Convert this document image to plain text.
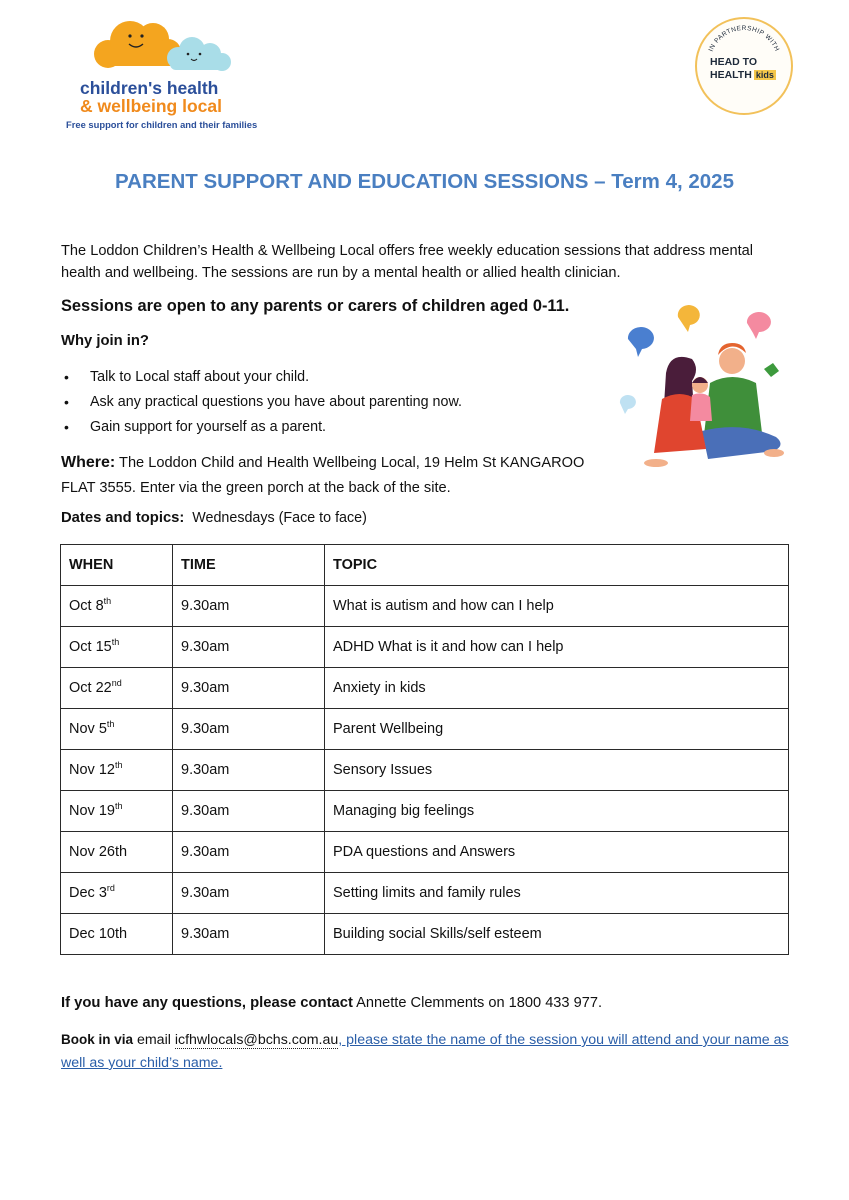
children's health
& wellbeing local
Free support for children and their families
IN PARTNERSHIP WITH
HEAD TO
HEALTH kids
PARENT SUPPORT AND EDUCATION SESSIONS – Term 4, 2025
The Loddon Children’s Health & Wellbeing Local offers free weekly education sessions that address mental health and wellbeing. The sessions are run by a mental health or allied health clinician.
Sessions are open to any parents or carers of children aged 0-11.
Why join in?
• Talk to Local staff about your child.
• Ask any practical questions you have about parenting now.
• Gain support for yourself as a parent.
Where: The Loddon Child and Health Wellbeing Local, 19 Helm St KANGAROO FLAT 3555. Enter via the green porch at the back of the site.
Dates and topics: Wednesdays (Face to face)
WHEN	TIME	TOPIC
Oct 8th	9.30am	What is autism and how can I help
Oct 15th	9.30am	ADHD What is it and how can I help
Oct 22nd	9.30am	Anxiety in kids
Nov 5th	9.30am	Parent Wellbeing
Nov 12th	9.30am	Sensory Issues
Nov 19th	9.30am	Managing big feelings
Nov 26th	9.30am	PDA questions and Answers
Dec 3rd	9.30am	Setting limits and family rules
Dec 10th	9.30am	Building social Skills/self esteem
If you have any questions, please contact Annette Clemments on 1800 433 977.
Book in via email icfhwlocals@bchs.com.au, please state the name of the session you will attend and your name as well as your child’s name.
